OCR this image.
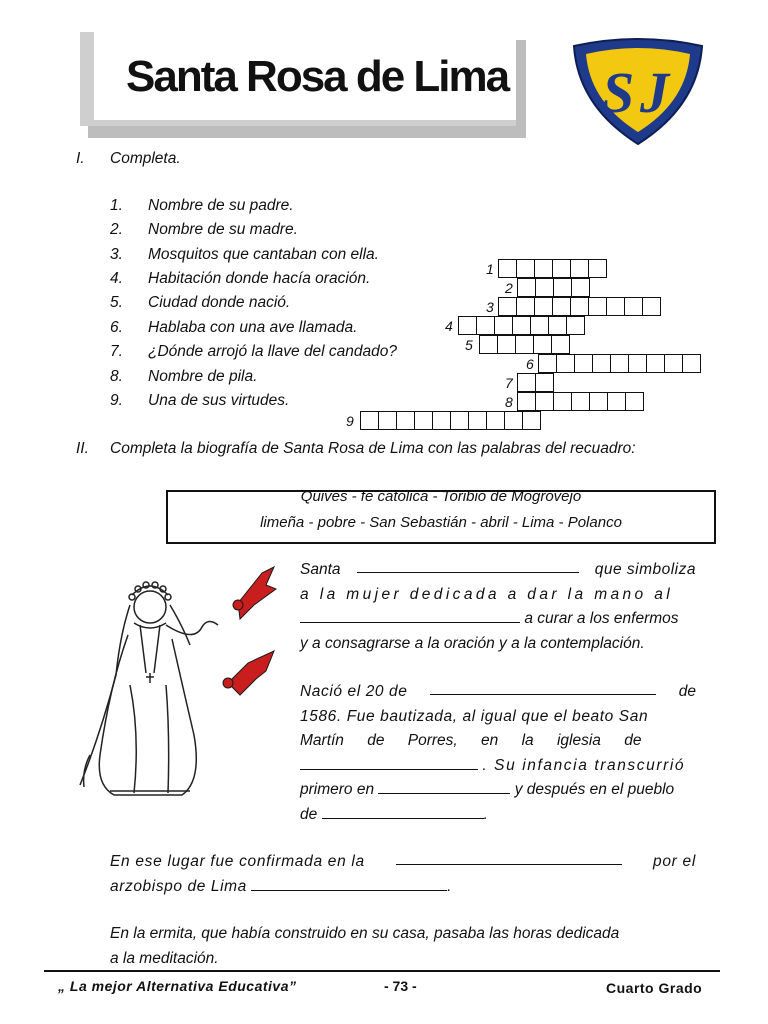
Santa Rosa de Lima S J
I. Completa.
1.	Nombre de su padre.
2.	Nombre de su madre.
3.	Mosquitos que cantaban con ella.
4.	Habitación donde hacía oración.
5.	Ciudad donde nació.
6.	Hablaba con una ave llamada.
7.	¿Dónde arrojó la llave del candado?
8.	Nombre de pila.
9.	Una de sus virtudes.
1
2
3
4
5
6
7
8
9
II. Completa la biografía de Santa Rosa de Lima con las palabras del recuadro:
Quives - fe católica - Toribio de Mogrovejo
limeña - pobre - San Sebastián - abril - Lima - Polanco
Santa	que simboliza
a la mujer dedicada a dar la mano al
a curar a los enfermos
y a consagrarse a la oración y a la contemplación.
Nació el 20 de	de
1586. Fue bautizada, al igual que el beato San
Martín de Porres, en la iglesia de
. Su infancia transcurrió
primero en	y después en el pueblo
de	.
En ese lugar fue confirmada en la	por el
arzobispo de Lima	.
En la ermita, que había construido en su casa, pasaba las horas dedicada
a la meditación.
„ La mejor Alternativa Educativa”	- 73 -	Cuarto Grado
